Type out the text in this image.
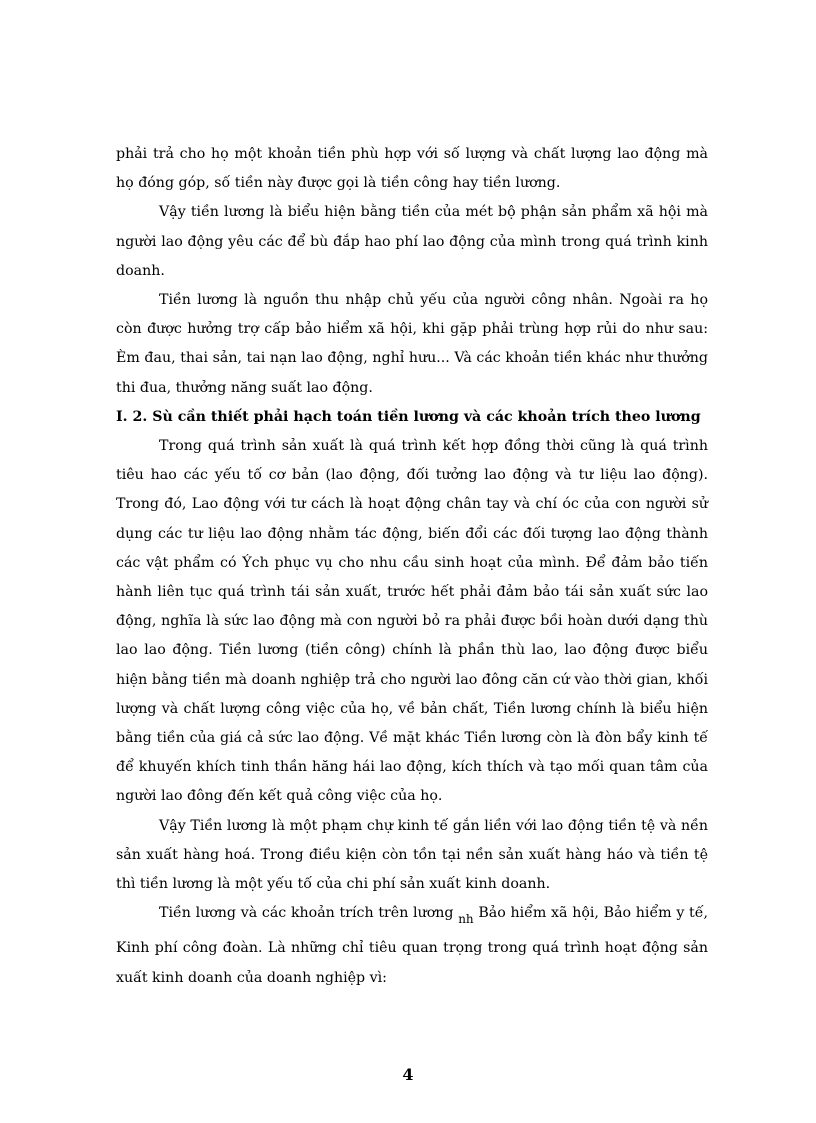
phải trả cho họ một khoản tiền phù hợp với số lượng và chất lượng lao động mà họ đóng góp, số tiền này được gọi là tiền công hay tiền lương.

Vậy tiền lương là biểu hiện bằng tiền của mét bộ phận sản phẩm xã hội mà người lao động yêu các để bù đắp hao phí lao động của mình trong quá trình kinh doanh.

Tiền lương là nguồn thu nhập chủ yếu của người công nhân. Ngoài ra họ còn được hưởng trợ cấp bảo hiểm xã hội, khi gặp phải trùng hợp rủi do như sau: Èm đau, thai sản, tai nạn lao động, nghỉ hưu... Và các khoản tiền khác như thưởng thi đua, thưởng năng suất lao động.

I. 2. Sù cần thiết phải hạch toán tiền lương và các khoản trích theo lương

Trong quá trình sản xuất là quá trình kết hợp đồng thời cũng là quá trình tiêu hao các yếu tố cơ bản (lao động, đối tưởng lao động và tư liệu lao động). Trong đó, Lao động với tư cách là hoạt động chân tay và chí óc của con người sử dụng các tư liệu lao động nhằm tác động, biến đổi các đối tượng lao động thành các vật phẩm có Ých phục vụ cho nhu cầu sinh hoạt của mình. Để đảm bảo tiến hành liên tục quá trình tái sản xuất, trước hết phải đảm bảo tái sản xuất sức lao động, nghĩa là sức lao động mà con người bỏ ra phải được bồi hoàn dưới dạng thù lao lao động. Tiền lương (tiền công) chính là phần thù lao, lao động được biểu hiện bằng tiền mà doanh nghiệp trả cho người lao đông căn cứ vào thời gian, khối lượng và chất lượng công việc của họ, về bản chất, Tiền lương chính là biểu hiện bằng tiền của giá cả sức lao động. Về mặt khác Tiền lương còn là đòn bẩy kinh tế để khuyến khích tinh thần hăng hái lao động, kích thích và tạo mối quan tâm của người lao đông đến kết quả công việc của họ.

Vậy Tiền lương là một phạm chự kinh tế gắn liền với lao động tiền tệ và nền sản xuất hàng hoá. Trong điều kiện còn tồn tại nền sản xuất hàng háo và tiền tệ thì tiền lương là một yếu tố của chi phí sản xuất kinh doanh.

Tiền lương và các khoản trích trên lương $_{nh}$ Bảo hiểm xã hội, Bảo hiểm y tế, Kinh phí công đoàn. Là những chỉ tiêu quan trọng trong quá trình hoạt động sản xuất kinh doanh của doanh nghiệp vì:

4
